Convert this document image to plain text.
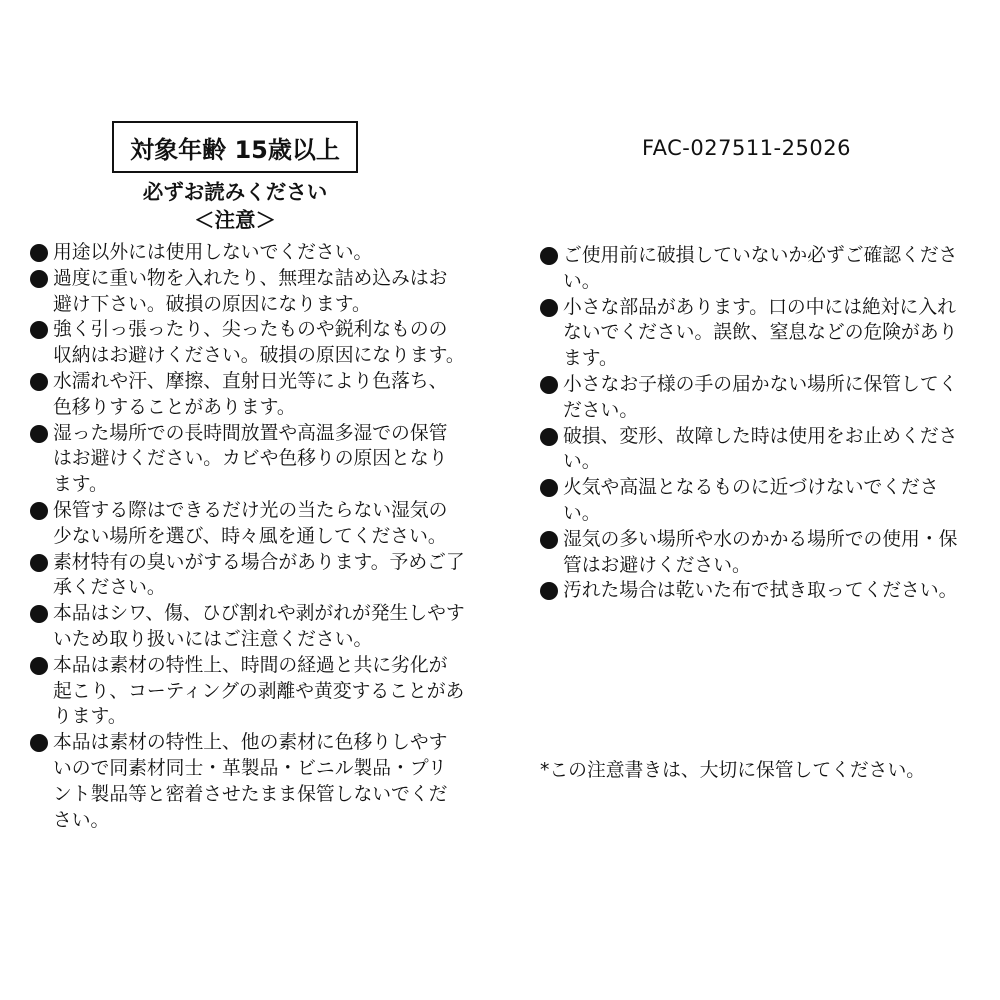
対象年齢 15歳以上	FAC-027511-25026
必ずお読みください
＜注意＞
用途以外には使用しないでください。
過度に重い物を入れたり、無理な詰め込みはお避け下さい。破損の原因になります。
強く引っ張ったり、尖ったものや鋭利なものの収納はお避けください。破損の原因になります。
水濡れや汗、摩擦、直射日光等により色落ち、色移りすることがあります。
湿った場所での長時間放置や高温多湿での保管はお避けください。カビや色移りの原因となります。
保管する際はできるだけ光の当たらない湿気の少ない場所を選び、時々風を通してください。
素材特有の臭いがする場合があります。予めご了承ください。
本品はシワ、傷、ひび割れや剥がれが発生しやすいため取り扱いにはご注意ください。
本品は素材の特性上、時間の経過と共に劣化が起こり、コーティングの剥離や黄変することがあります。
本品は素材の特性上、他の素材に色移りしやすいので同素材同士・革製品・ビニル製品・プリント製品等と密着させたまま保管しないでください。
ご使用前に破損していないか必ずご確認ください。
小さな部品があります。口の中には絶対に入れないでください。誤飲、窒息などの危険があります。
小さなお子様の手の届かない場所に保管してください。
破損、変形、故障した時は使用をお止めください。
火気や高温となるものに近づけないでください。
湿気の多い場所や水のかかる場所での使用・保管はお避けください。
汚れた場合は乾いた布で拭き取ってください。
*この注意書きは、大切に保管してください。
